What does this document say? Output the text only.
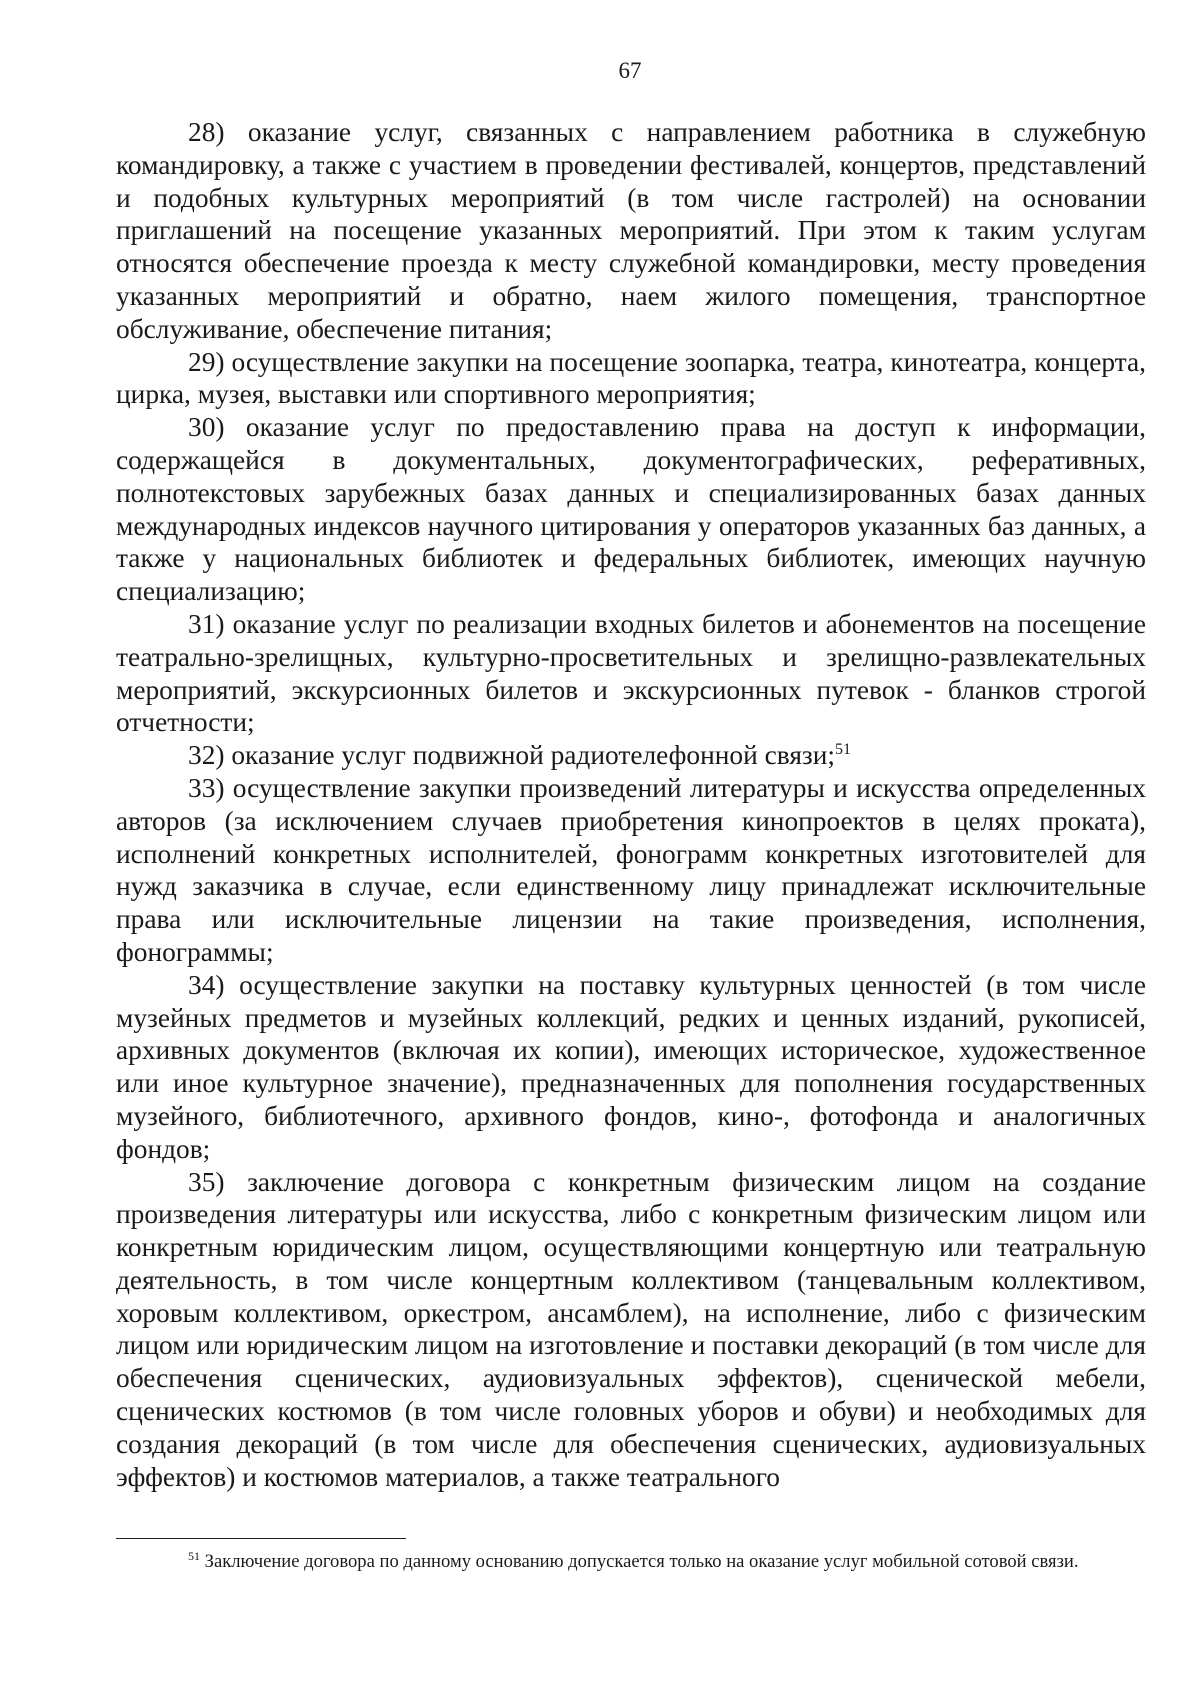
67

28) оказание услуг, связанных с направлением работника в служебную командировку, а также с участием в проведении фестивалей, концертов, представлений и подобных культурных мероприятий (в том числе гастролей) на основании приглашений на посещение указанных мероприятий. При этом к таким услугам относятся обеспечение проезда к месту служебной командировки, месту проведения указанных мероприятий и обратно, наем жилого помещения, транспортное обслуживание, обеспечение питания;

29) осуществление закупки на посещение зоопарка, театра, кинотеатра, концерта, цирка, музея, выставки или спортивного мероприятия;

30) оказание услуг по предоставлению права на доступ к информации, содержащейся в документальных, документографических, реферативных, полнотекстовых зарубежных базах данных и специализированных базах данных международных индексов научного цитирования у операторов указанных баз данных, а также у национальных библиотек и федеральных библиотек, имеющих научную специализацию;

31) оказание услуг по реализации входных билетов и абонементов на посещение театрально-зрелищных, культурно-просветительных и зрелищно-развлекательных мероприятий, экскурсионных билетов и экскурсионных путевок - бланков строгой отчетности;

32) оказание услуг подвижной радиотелефонной связи;$^{51}$

33) осуществление закупки произведений литературы и искусства определенных авторов (за исключением случаев приобретения кинопроектов в целях проката), исполнений конкретных исполнителей, фонограмм конкретных изготовителей для нужд заказчика в случае, если единственному лицу принадлежат исключительные права или исключительные лицензии на такие произведения, исполнения, фонограммы;

34) осуществление закупки на поставку культурных ценностей (в том числе музейных предметов и музейных коллекций, редких и ценных изданий, рукописей, архивных документов (включая их копии), имеющих историческое, художественное или иное культурное значение), предназначенных для пополнения государственных музейного, библиотечного, архивного фондов, кино-, фотофонда и аналогичных фондов;

35) заключение договора с конкретным физическим лицом на создание произведения литературы или искусства, либо с конкретным физическим лицом или конкретным юридическим лицом, осуществляющими концертную или театральную деятельность, в том числе концертным коллективом (танцевальным коллективом, хоровым коллективом, оркестром, ансамблем), на исполнение, либо с физическим лицом или юридическим лицом на изготовление и поставки декораций (в том числе для обеспечения сценических, аудиовизуальных эффектов), сценической мебели, сценических костюмов (в том числе головных уборов и обуви) и необходимых для создания декораций (в том числе для обеспечения сценических, аудиовизуальных эффектов) и костюмов материалов, а также театрального

$^{51}$ Заключение договора по данному основанию допускается только на оказание услуг мобильной сотовой связи.
